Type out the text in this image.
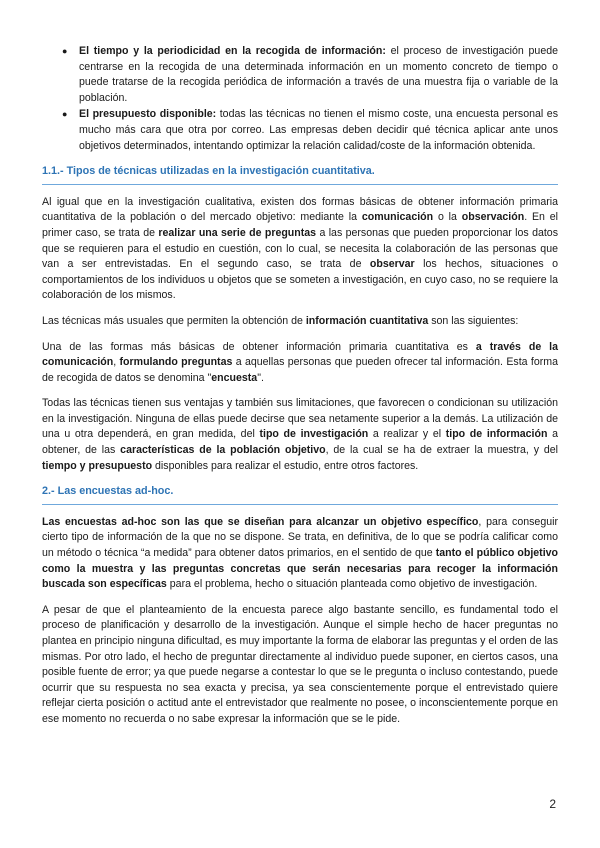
● El tiempo y la periodicidad en la recogida de información: el proceso de investigación puede centrarse en la recogida de una determinada información en un momento concreto de tiempo o puede tratarse de la recogida periódica de información a través de una muestra fija o variable de la población.
● El presupuesto disponible: todas las técnicas no tienen el mismo coste, una encuesta personal es mucho más cara que otra por correo. Las empresas deben decidir qué técnica aplicar ante unos objetivos determinados, intentando optimizar la relación calidad/coste de la información obtenida.
1.1.- Tipos de técnicas utilizadas en la investigación cuantitativa.

Al igual que en la investigación cualitativa, existen dos formas básicas de obtener información primaria cuantitativa de la población o del mercado objetivo: mediante la comunicación o la observación. En el primer caso, se trata de realizar una serie de preguntas a las personas que pueden proporcionar los datos que se requieren para el estudio en cuestión, con lo cual, se necesita la colaboración de las personas que van a ser entrevistadas. En el segundo caso, se trata de observar los hechos, situaciones o comportamientos de los individuos u objetos que se someten a investigación, en cuyo caso, no se requiere la colaboración de los mismos.

Las técnicas más usuales que permiten la obtención de información cuantitativa son las siguientes:

Una de las formas más básicas de obtener información primaria cuantitativa es a través de la comunicación, formulando preguntas a aquellas personas que pueden ofrecer tal información. Esta forma de recogida de datos se denomina "encuesta".

Todas las técnicas tienen sus ventajas y también sus limitaciones, que favorecen o condicionan su utilización en la investigación. Ninguna de ellas puede decirse que sea netamente superior a la demás. La utilización de una u otra dependerá, en gran medida, del tipo de investigación a realizar y el tipo de información a obtener, de las características de la población objetivo, de la cual se ha de extraer la muestra, y del tiempo y presupuesto disponibles para realizar el estudio, entre otros factores.

2.- Las encuestas ad-hoc.

Las encuestas ad-hoc son las que se diseñan para alcanzar un objetivo específico, para conseguir cierto tipo de información de la que no se dispone. Se trata, en definitiva, de lo que se podría calificar como un método o técnica “a medida” para obtener datos primarios, en el sentido de que tanto el público objetivo como la muestra y las preguntas concretas que serán necesarias para recoger la información buscada son específicas para el problema, hecho o situación planteada como objetivo de investigación.

A pesar de que el planteamiento de la encuesta parece algo bastante sencillo, es fundamental todo el proceso de planificación y desarrollo de la investigación. Aunque el simple hecho de hacer preguntas no plantea en principio ninguna dificultad, es muy importante la forma de elaborar las preguntas y el orden de las mismas. Por otro lado, el hecho de preguntar directamente al individuo puede suponer, en ciertos casos, una posible fuente de error; ya que puede negarse a contestar lo que se le pregunta o incluso contestando, puede ocurrir que su respuesta no sea exacta y precisa, ya sea conscientemente porque el entrevistado quiere reflejar cierta posición o actitud ante el entrevistador que realmente no posee, o inconscientemente porque en ese momento no recuerda o no sabe expresar la información que se le pide.

2
